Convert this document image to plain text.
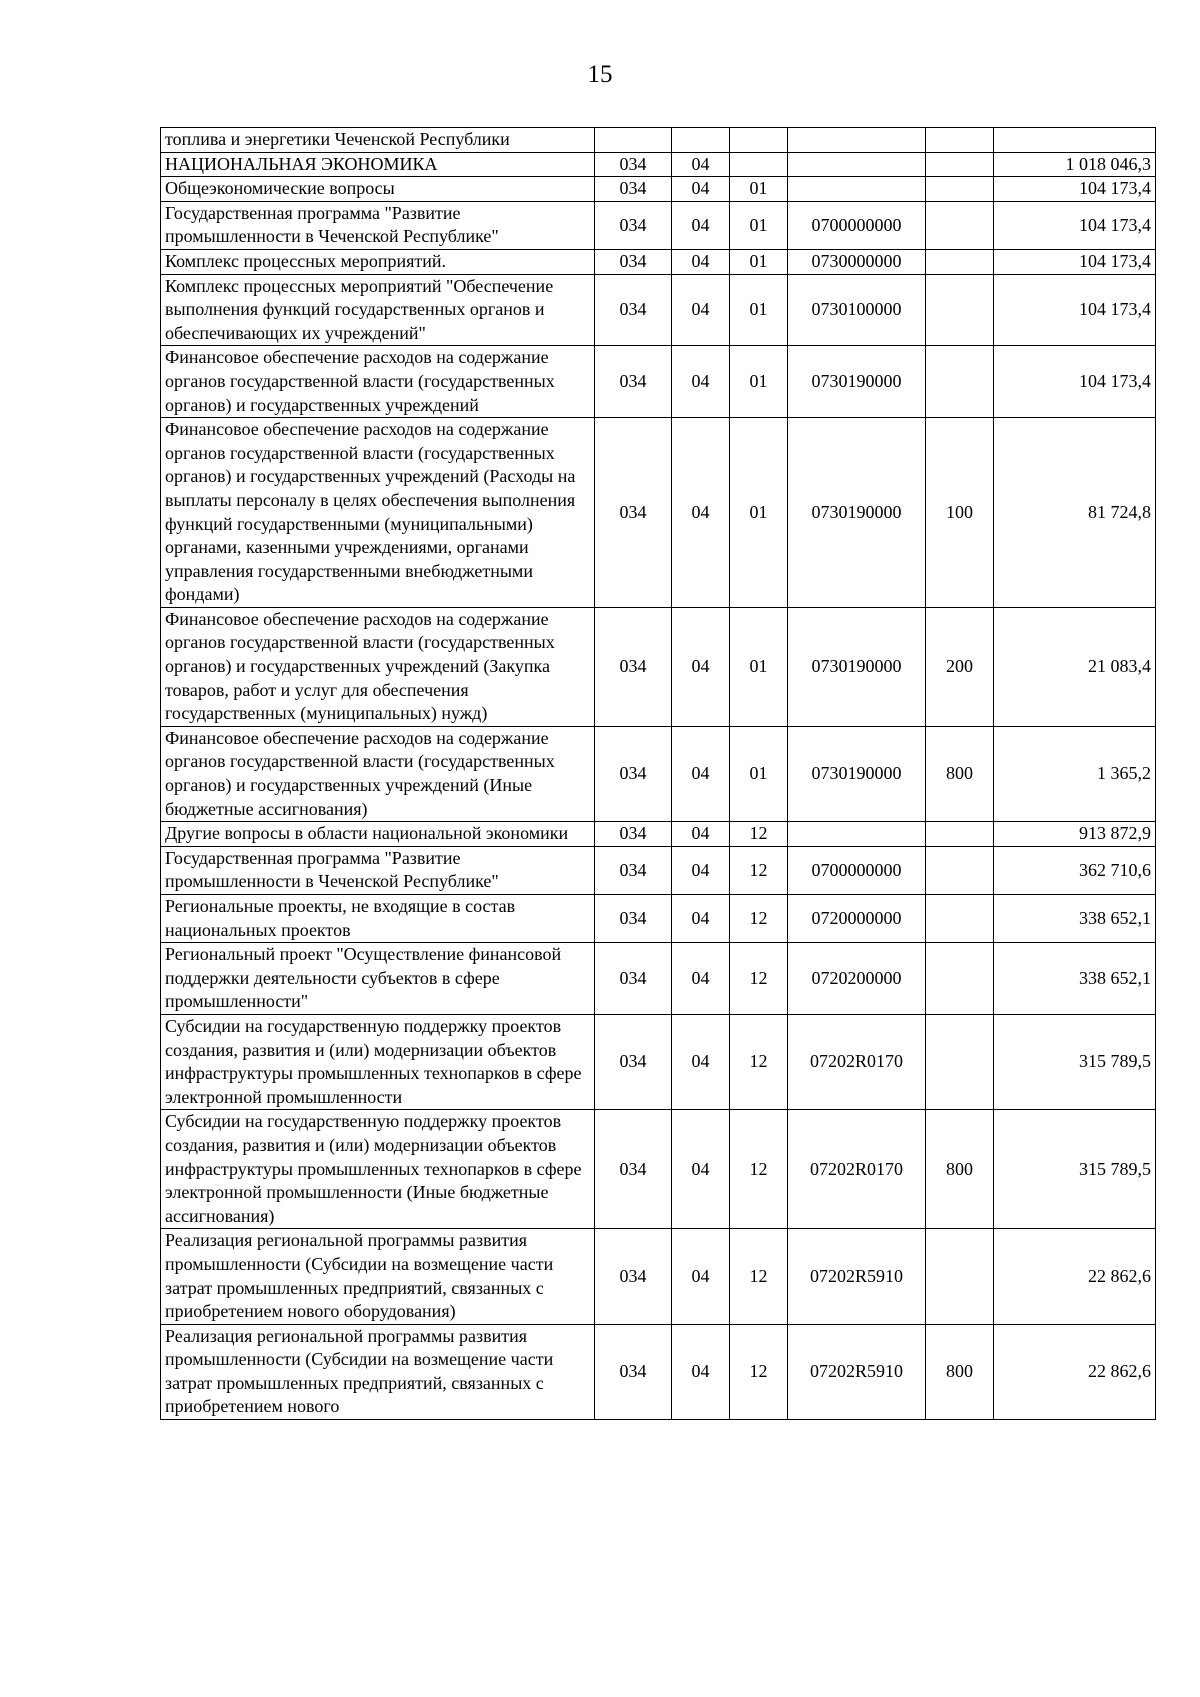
15
топлива и энергетики Чеченской Республики						
НАЦИОНАЛЬНАЯ ЭКОНОМИКА	034	04				1 018 046,3
Общеэкономические вопросы	034	04	01			104 173,4
Государственная программа "Развитие промышленности в Чеченской Республике"	034	04	01	0700000000		104 173,4
Комплекс процессных мероприятий.	034	04	01	0730000000		104 173,4
Комплекс процессных мероприятий "Обеспечение выполнения функций государственных органов и обеспечивающих их учреждений"	034	04	01	0730100000		104 173,4
Финансовое обеспечение расходов на содержание органов государственной власти (государственных органов) и государственных учреждений	034	04	01	0730190000		104 173,4
Финансовое обеспечение расходов на содержание органов государственной власти (государственных органов) и государственных учреждений (Расходы на выплаты персоналу в целях обеспечения выполнения функций государственными (муниципальными) органами, казенными учреждениями, органами управления государственными внебюджетными фондами)	034	04	01	0730190000	100	81 724,8
Финансовое обеспечение расходов на содержание органов государственной власти (государственных органов) и государственных учреждений (Закупка товаров, работ и услуг для обеспечения государственных (муниципальных) нужд)	034	04	01	0730190000	200	21 083,4
Финансовое обеспечение расходов на содержание органов государственной власти (государственных органов) и государственных учреждений (Иные бюджетные ассигнования)	034	04	01	0730190000	800	1 365,2
Другие вопросы в области национальной экономики	034	04	12			913 872,9
Государственная программа "Развитие промышленности в Чеченской Республике"	034	04	12	0700000000		362 710,6
Региональные проекты, не входящие в состав национальных проектов	034	04	12	0720000000		338 652,1
Региональный проект "Осуществление финансовой поддержки деятельности субъектов в сфере промышленности"	034	04	12	0720200000		338 652,1
Субсидии на государственную поддержку проектов создания, развития и (или) модернизации объектов инфраструктуры промышленных технопарков в сфере электронной промышленности	034	04	12	07202R0170		315 789,5
Субсидии на государственную поддержку проектов создания, развития и (или) модернизации объектов инфраструктуры промышленных технопарков в сфере электронной промышленности (Иные бюджетные ассигнования)	034	04	12	07202R0170	800	315 789,5
Реализация региональной программы развития промышленности (Субсидии на возмещение части затрат промышленных предприятий, связанных с приобретением нового оборудования)	034	04	12	07202R5910		22 862,6
Реализация региональной программы развития промышленности (Субсидии на возмещение части затрат промышленных предприятий, связанных с приобретением нового	034	04	12	07202R5910	800	22 862,6
